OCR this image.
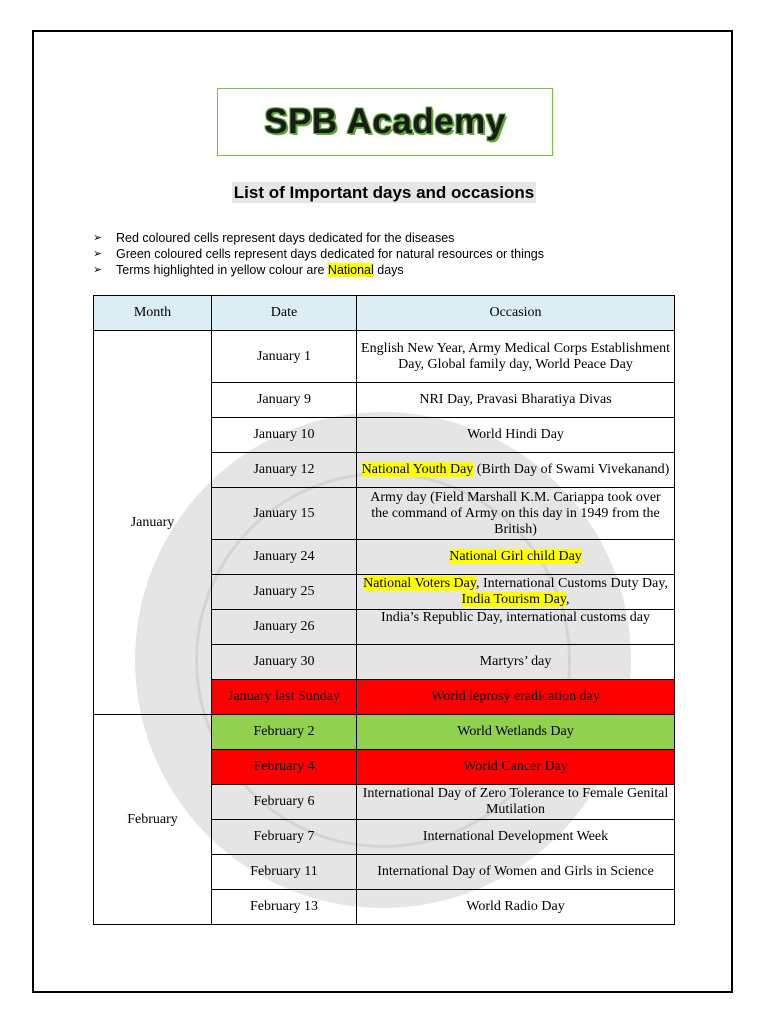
SPB Academy
List of Important days and occasions
➢ Red coloured cells represent days dedicated for the diseases
➢ Green coloured cells represent days dedicated for natural resources or things
➢ Terms highlighted in yellow colour are National days
Month	Date	Occasion
January	January 1	English New Year, Army Medical Corps Establishment Day, Global family day, World Peace Day
	January 9	NRI Day, Pravasi Bharatiya Divas
	January 10	World Hindi Day
	January 12	National Youth Day (Birth Day of Swami Vivekanand)
	January 15	Army day (Field Marshall K.M. Cariappa took over the command of Army on this day in 1949 from the British)
	January 24	National Girl child Day
	January 25	National Voters Day, International Customs Duty Day, India Tourism Day,
	January 26	India’s Republic Day, international customs day
	January 30	Martyrs’ day
	January last Sunday	World leprosy eradication day
February	February 2	World Wetlands Day
	February 4	World Cancer Day
	February 6	International Day of Zero Tolerance to Female Genital Mutilation
	February 7	International Development Week
	February 11	International Day of Women and Girls in Science
	February 13	World Radio Day
